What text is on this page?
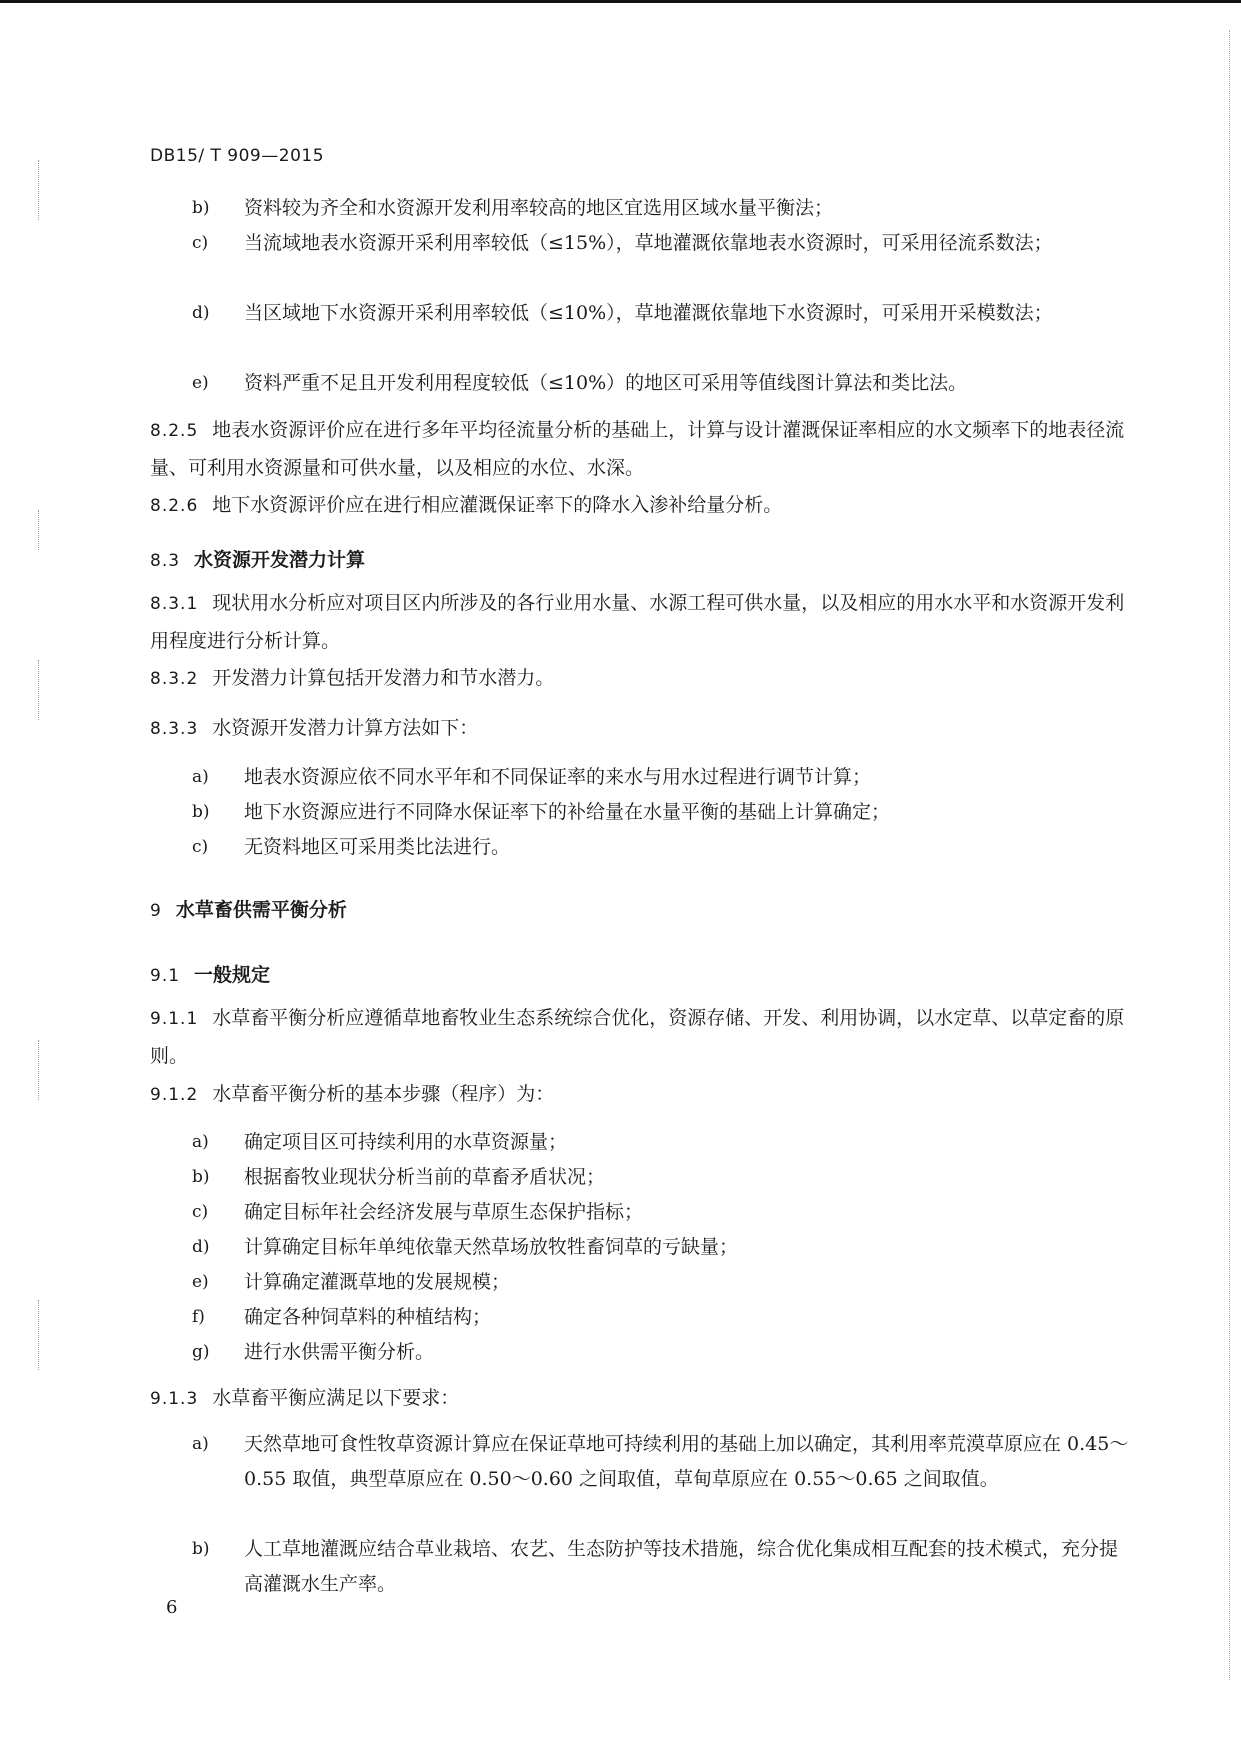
DB15/ T 909—2015
b)	资料较为齐全和水资源开发利用率较高的地区宜选用区域水量平衡法；
c)	当流域地表水资源开采利用率较低（≤15%），草地灌溉依靠地表水资源时，可采用径流系数法；
d)	当区域地下水资源开采利用率较低（≤10%），草地灌溉依靠地下水资源时，可采用开采模数法；
e)	资料严重不足且开发利用程度较低（≤10%）的地区可采用等值线图计算法和类比法。
8.2.5 地表水资源评价应在进行多年平均径流量分析的基础上，计算与设计灌溉保证率相应的水文频率下的地表径流量、可利用水资源量和可供水量，以及相应的水位、水深。
8.2.6 地下水资源评价应在进行相应灌溉保证率下的降水入渗补给量分析。
8.3 水资源开发潜力计算
8.3.1 现状用水分析应对项目区内所涉及的各行业用水量、水源工程可供水量，以及相应的用水水平和水资源开发利用程度进行分析计算。
8.3.2 开发潜力计算包括开发潜力和节水潜力。
8.3.3 水资源开发潜力计算方法如下：
a)	地表水资源应依不同水平年和不同保证率的来水与用水过程进行调节计算；
b)	地下水资源应进行不同降水保证率下的补给量在水量平衡的基础上计算确定；
c)	无资料地区可采用类比法进行。
9 水草畜供需平衡分析
9.1 一般规定
9.1.1 水草畜平衡分析应遵循草地畜牧业生态系统综合优化，资源存储、开发、利用协调，以水定草、以草定畜的原则。
9.1.2 水草畜平衡分析的基本步骤（程序）为：
a)	确定项目区可持续利用的水草资源量；
b)	根据畜牧业现状分析当前的草畜矛盾状况；
c)	确定目标年社会经济发展与草原生态保护指标；
d)	计算确定目标年单纯依靠天然草场放牧牲畜饲草的亏缺量；
e)	计算确定灌溉草地的发展规模；
f)	确定各种饲草料的种植结构；
g)	进行水供需平衡分析。
9.1.3 水草畜平衡应满足以下要求：
a)	天然草地可食性牧草资源计算应在保证草地可持续利用的基础上加以确定，其利用率荒漠草原应在 0.45～0.55 取值，典型草原应在 0.50～0.60 之间取值，草甸草原应在 0.55～0.65 之间取值。
b)	人工草地灌溉应结合草业栽培、农艺、生态防护等技术措施，综合优化集成相互配套的技术模式，充分提高灌溉水生产率。
6
